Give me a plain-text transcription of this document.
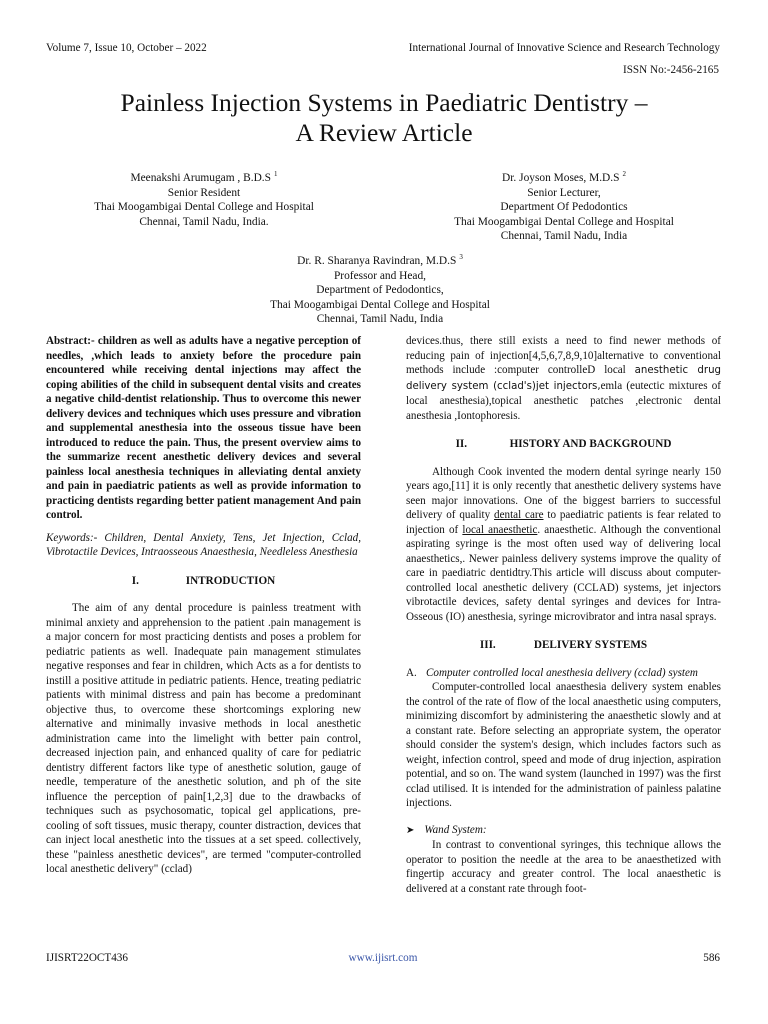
Volume 7, Issue 10, October – 2022	International Journal of Innovative Science and Research Technology
ISSN No:-2456-2165
Painless Injection Systems in Paediatric Dentistry –
A Review Article
Meenakshi Arumugam , B.D.S $^1$
Senior Resident
Thai Moogambigai Dental College and Hospital
Chennai, Tamil Nadu, India.
Dr. Joyson Moses, M.D.S $^2$
Senior Lecturer,
Department Of Pedodontics
Thai Moogambigai Dental College and Hospital
Chennai, Tamil Nadu, India
Dr. R. Sharanya Ravindran, M.D.S $^3$
Professor and Head,
Department of Pedodontics,
Thai Moogambigai Dental College and Hospital
Chennai, Tamil Nadu, India

Abstract:- children as well as adults have a negative perception of needles, ,which leads to anxiety before the procedure pain encountered while receiving dental injections may affect the coping abilities of the child in subsequent dental visits and creates a negative child-dentist relationship. Thus to overcome this newer delivery devices and techniques which uses pressure and vibration and supplemental anesthesia into the osseous tissue have been introduced to reduce the pain. Thus, the present overview aims to the summarize recent anesthetic delivery devices and several painless local anesthesia techniques in alleviating dental anxiety and pain in paediatric patients as well as provide information to practicing dentists regarding better patient management And pain control.

Keywords:- Children, Dental Anxiety, Tens, Jet Injection, Cclad, Vibrotactile Devices, Intraosseous Anaesthesia, Needleless Anesthesia

I.	INTRODUCTION

The aim of any dental procedure is painless treatment with minimal anxiety and apprehension to the patient .pain management is a major concern for most practicing dentists and poses a problem for pediatric patients as well. Inadequate pain management stimulates negative responses and fear in children, which Acts as a for dentists to instill a positive attitude in pediatric patients. Hence, treating pediatric patients with minimal distress and pain has become a predominant objective thus, to overcome these shortcomings exploring new alternative and minimally invasive methods in local anesthetic administration came into the limelight with better pain control, decreased injection pain, and enhanced quality of care for pediatric dentistry different factors like type of anesthetic solution, gauge of needle, temperature of the anesthetic solution, and ph of the site influence the perception of pain[1,2,3] due to the drawbacks of techniques such as psychosomatic, topical gel applications, pre-cooling of soft tissues, music therapy, counter distraction, devices that can inject local anesthetic into the tissues at a set speed. collectively, these "painless anesthetic devices", are termed "computer-controlled local anesthetic delivery" (cclad)

devices.thus, there still exists a need to find newer methods of reducing pain of injection[4,5,6,7,8,9,10]alternative to conventional methods include :computer controlleD local anesthetic drug delivery system (cclad's)jet injectors,emla (eutectic mixtures of local anesthesia),topical anesthetic patches ,electronic dental anesthesia ,Iontophoresis.

II.	HISTORY AND BACKGROUND

Although Cook invented the modern dental syringe nearly 150 years ago,[11] it is only recently that anesthetic delivery systems have seen major innovations. One of the biggest barriers to successful delivery of quality dental care to paediatric patients is fear related to injection of local anaesthetic. anaesthetic. Although the conventional aspirating syringe is the most often used way of delivering local anaesthetics,. Newer painless delivery systems improve the quality of care in paediatric dentidtry.This article will discuss about computer-controlled local anesthetic delivery (CCLAD) systems, jet injectors vibrotactile devices, safety dental syringes and devices for Intra-Osseous (IO) anesthesia, syringe microvibrator and intra nasal sprays.

III.	DELIVERY SYSTEMS

A. Computer controlled local anesthesia delivery (cclad) system

Computer-controlled local anaesthesia delivery system enables the control of the rate of flow of the local anaesthetic using computers, minimizing discomfort by administering the anaesthetic slowly and at a constant rate. Before selecting an appropriate system, the operator should consider the system's design, which includes factors such as weight, infection control, speed and mode of drug injection, aspiration potential, and so on. The wand system (launched in 1997) was the first cclad utilised. It is intended for the administration of painless palatine injections.

➤ Wand System:

In contrast to conventional syringes, this technique allows the operator to position the needle at the area to be anaesthetized with fingertip accuracy and greater control. The local anaesthetic is delivered at a constant rate through foot-

IJISRT22OCT436	www.ijisrt.com	586
